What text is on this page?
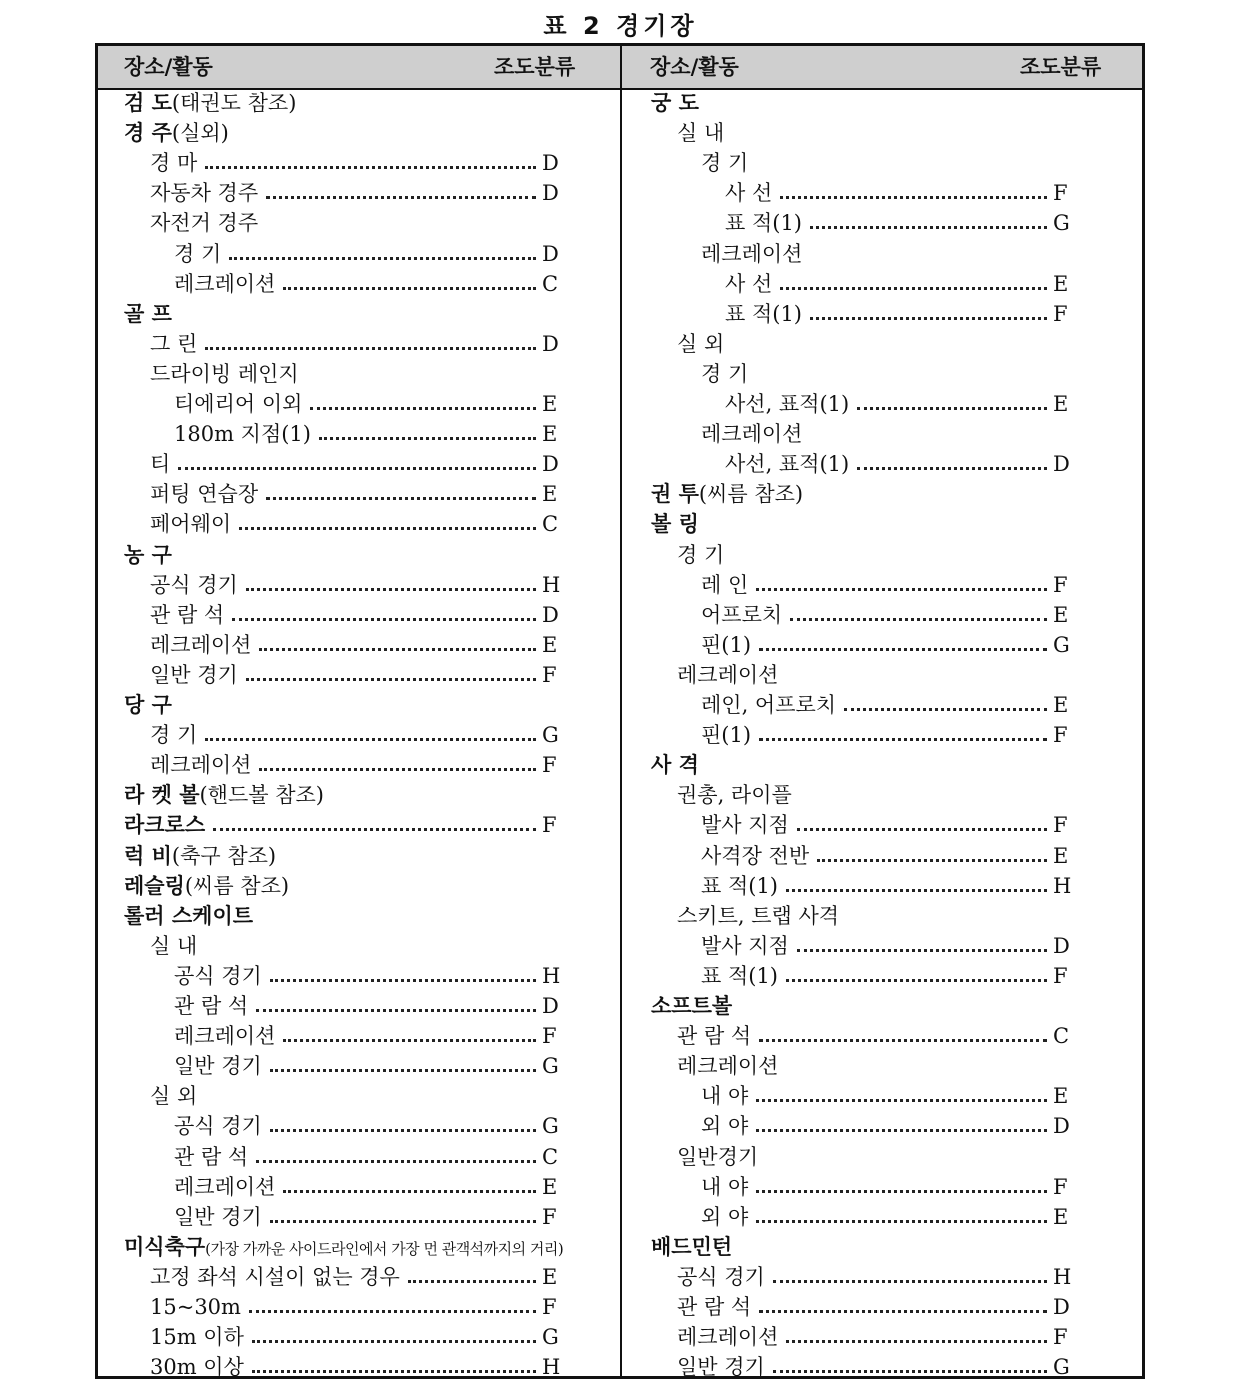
표 2 경기장
장소/활동	조도분류	장소/활동	조도분류
검 도(태권도 참조)
경 주(실외)
경 마	D
자동차 경주	D
자전거 경주
경 기	D
레크레이션	C
골 프
그 린	D
드라이빙 레인지
티에리어 이외	E
180m 지점(1)	E
티	D
퍼팅 연습장	E
페어웨이	C
농 구
공식 경기	H
관 람 석	D
레크레이션	E
일반 경기	F
당 구
경 기	G
레크레이션	F
라 켓 볼(핸드볼 참조)
라크로스	F
럭 비(축구 참조)
레슬링(씨름 참조)
롤러 스케이트
실 내
공식 경기	H
관 람 석	D
레크레이션	F
일반 경기	G
실 외
공식 경기	G
관 람 석	C
레크레이션	E
일반 경기	F
미식축구(가장 가까운 사이드라인에서 가장 먼 관객석까지의 거리)
고정 좌석 시설이 없는 경우	E
15~30m	F
15m 이하	G
30m 이상	H
궁 도
실 내
경 기
사 선	F
표 적(1)	G
레크레이션
사 선	E
표 적(1)	F
실 외
경 기
사선, 표적(1)	E
레크레이션
사선, 표적(1)	D
권 투(씨름 참조)
볼 링
경 기
레 인	F
어프로치	E
핀(1)	G
레크레이션
레인, 어프로치	E
핀(1)	F
사 격
권총, 라이플
발사 지점	F
사격장 전반	E
표 적(1)	H
스키트, 트랩 사격
발사 지점	D
표 적(1)	F
소프트볼
관 람 석	C
레크레이션
내 야	E
외 야	D
일반경기
내 야	F
외 야	E
배드민턴
공식 경기	H
관 람 석	D
레크레이션	F
일반 경기	G
